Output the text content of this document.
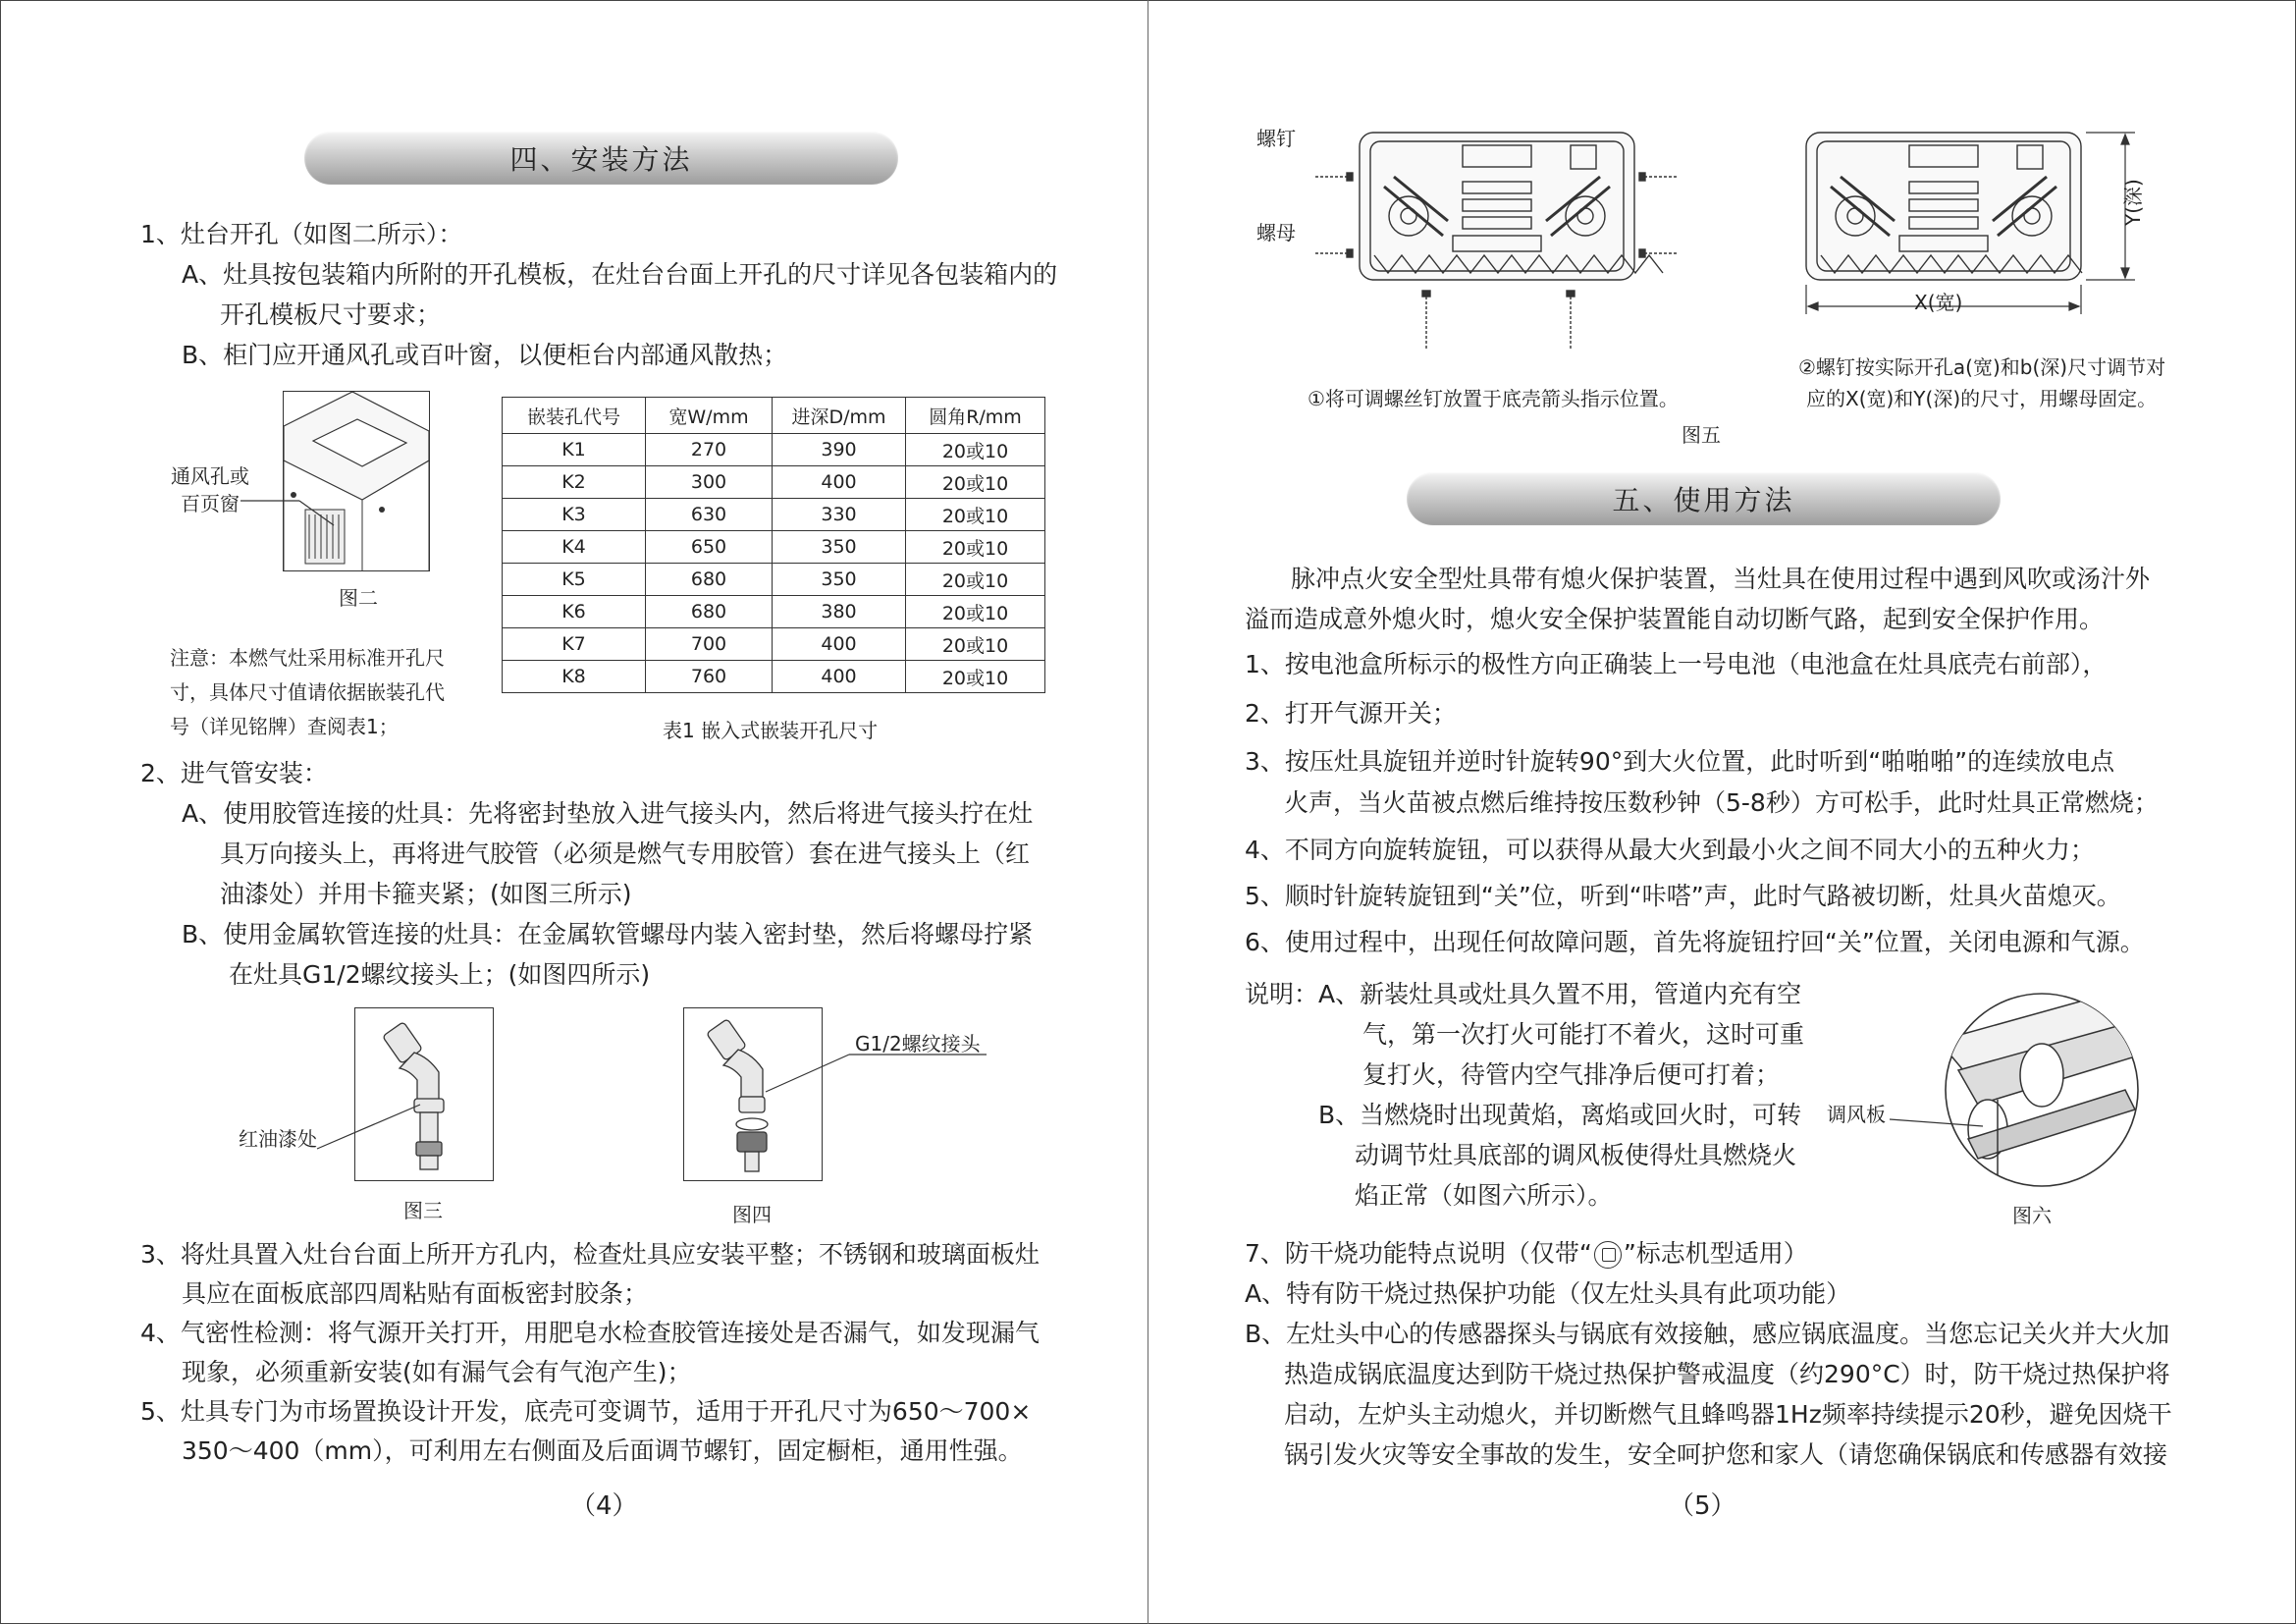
四、安装方法
1、灶台开孔（如图二所示）：
A、灶具按包装箱内所附的开孔模板，在灶台台面上开孔的尺寸详见各包装箱内的
开孔模板尺寸要求；
B、柜门应开通风孔或百叶窗，以便柜台内部通风散热；
通风孔或
百页窗
图二
注意：本燃气灶采用标准开孔尺
寸，具体尺寸值请依据嵌装孔代
号（详见铭牌）查阅表1；
嵌装孔代号	宽W/mm	进深D/mm	圆角R/mm
K1	270	390	20或10
K2	300	400	20或10
K3	630	330	20或10
K4	650	350	20或10
K5	680	350	20或10
K6	680	380	20或10
K7	700	400	20或10
K8	760	400	20或10
表1 嵌入式嵌装开孔尺寸
2、进气管安装：
A、使用胶管连接的灶具：先将密封垫放入进气接头内，然后将进气接头拧在灶
具万向接头上，再将进气胶管（必须是燃气专用胶管）套在进气接头上（红
油漆处）并用卡箍夹紧；(如图三所示)
B、使用金属软管连接的灶具：在金属软管螺母内装入密封垫，然后将螺母拧紧
在灶具G1/2螺纹接头上；(如图四所示)
红油漆处
图三
G1/2螺纹接头
图四
3、将灶具置入灶台台面上所开方孔内，检查灶具应安装平整；不锈钢和玻璃面板灶
具应在面板底部四周粘贴有面板密封胶条；
4、气密性检测：将气源开关打开，用肥皂水检查胶管连接处是否漏气，如发现漏气
现象，必须重新安装(如有漏气会有气泡产生)；
5、灶具专门为市场置换设计开发，底壳可变调节，适用于开孔尺寸为650～700×
350～400（mm），可利用左右侧面及后面调节螺钉，固定橱柜，通用性强。
（4）
螺钉
螺母
①将可调螺丝钉放置于底壳箭头指示位置。
X(宽)
Y(深)
②螺钉按实际开孔a(宽)和b(深)尺寸调节对
应的X(宽)和Y(深)的尺寸，用螺母固定。
图五
五、使用方法
脉冲点火安全型灶具带有熄火保护装置，当灶具在使用过程中遇到风吹或汤汁外
溢而造成意外熄火时，熄火安全保护装置能自动切断气路，起到安全保护作用。
1、按电池盒所标示的极性方向正确装上一号电池（电池盒在灶具底壳右前部），
2、打开气源开关；
3、按压灶具旋钮并逆时针旋转90°到大火位置，此时听到“啪啪啪”的连续放电点
火声，当火苗被点燃后维持按压数秒钟（5-8秒）方可松手，此时灶具正常燃烧；
4、不同方向旋转旋钮，可以获得从最大火到最小火之间不同大小的五种火力；
5、顺时针旋转旋钮到“关”位，听到“咔嗒”声，此时气路被切断，灶具火苗熄灭。
6、使用过程中，出现任何故障问题，首先将旋钮拧回“关”位置，关闭电源和气源。
说明：A、新装灶具或灶具久置不用，管道内充有空
气，第一次打火可能打不着火，这时可重
复打火，待管内空气排净后便可打着；
B、当燃烧时出现黄焰，离焰或回火时，可转
动调节灶具底部的调风板使得灶具燃烧火
焰正常（如图六所示）。
调风板
图六
7、防干烧功能特点说明（仅带“ ”标志机型适用）
A、特有防干烧过热保护功能（仅左灶头具有此项功能）
B、左灶头中心的传感器探头与锅底有效接触，感应锅底温度。当您忘记关火并大火加
热造成锅底温度达到防干烧过热保护警戒温度（约290°C）时，防干烧过热保护将
启动，左炉头主动熄火，并切断燃气且蜂鸣器1Hz频率持续提示20秒，避免因烧干
锅引发火灾等安全事故的发生，安全呵护您和家人（请您确保锅底和传感器有效接
（5）
